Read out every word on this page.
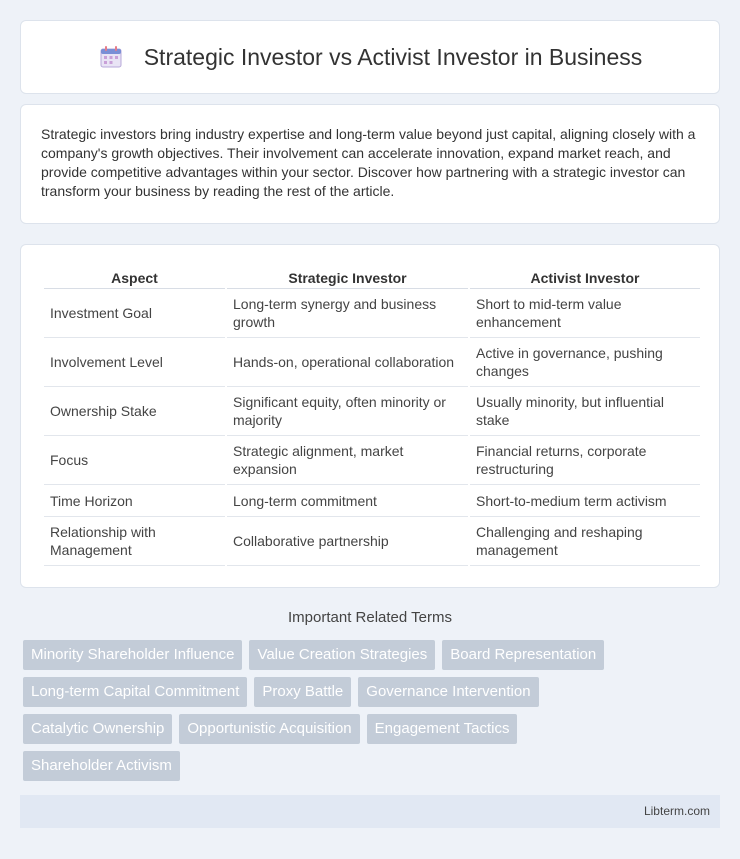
Strategic Investor vs Activist Investor in Business

Strategic investors bring industry expertise and long-term value beyond just capital, aligning closely with a company's growth objectives. Their involvement can accelerate innovation, expand market reach, and provide competitive advantages within your sector. Discover how partnering with a strategic investor can transform your business by reading the rest of the article.

Aspect	Strategic Investor	Activist Investor
Investment Goal	Long-term synergy and business growth	Short to mid-term value enhancement
Involvement Level	Hands-on, operational collaboration	Active in governance, pushing changes
Ownership Stake	Significant equity, often minority or majority	Usually minority, but influential stake
Focus	Strategic alignment, market expansion	Financial returns, corporate restructuring
Time Horizon	Long-term commitment	Short-to-medium term activism
Relationship with Management	Collaborative partnership	Challenging and reshaping management
Important Related Terms
Minority Shareholder Influence	Value Creation Strategies	Board Representation
Long-term Capital Commitment	Proxy Battle	Governance Intervention
Catalytic Ownership	Opportunistic Acquisition	Engagement Tactics
Shareholder Activism
Libterm.com
